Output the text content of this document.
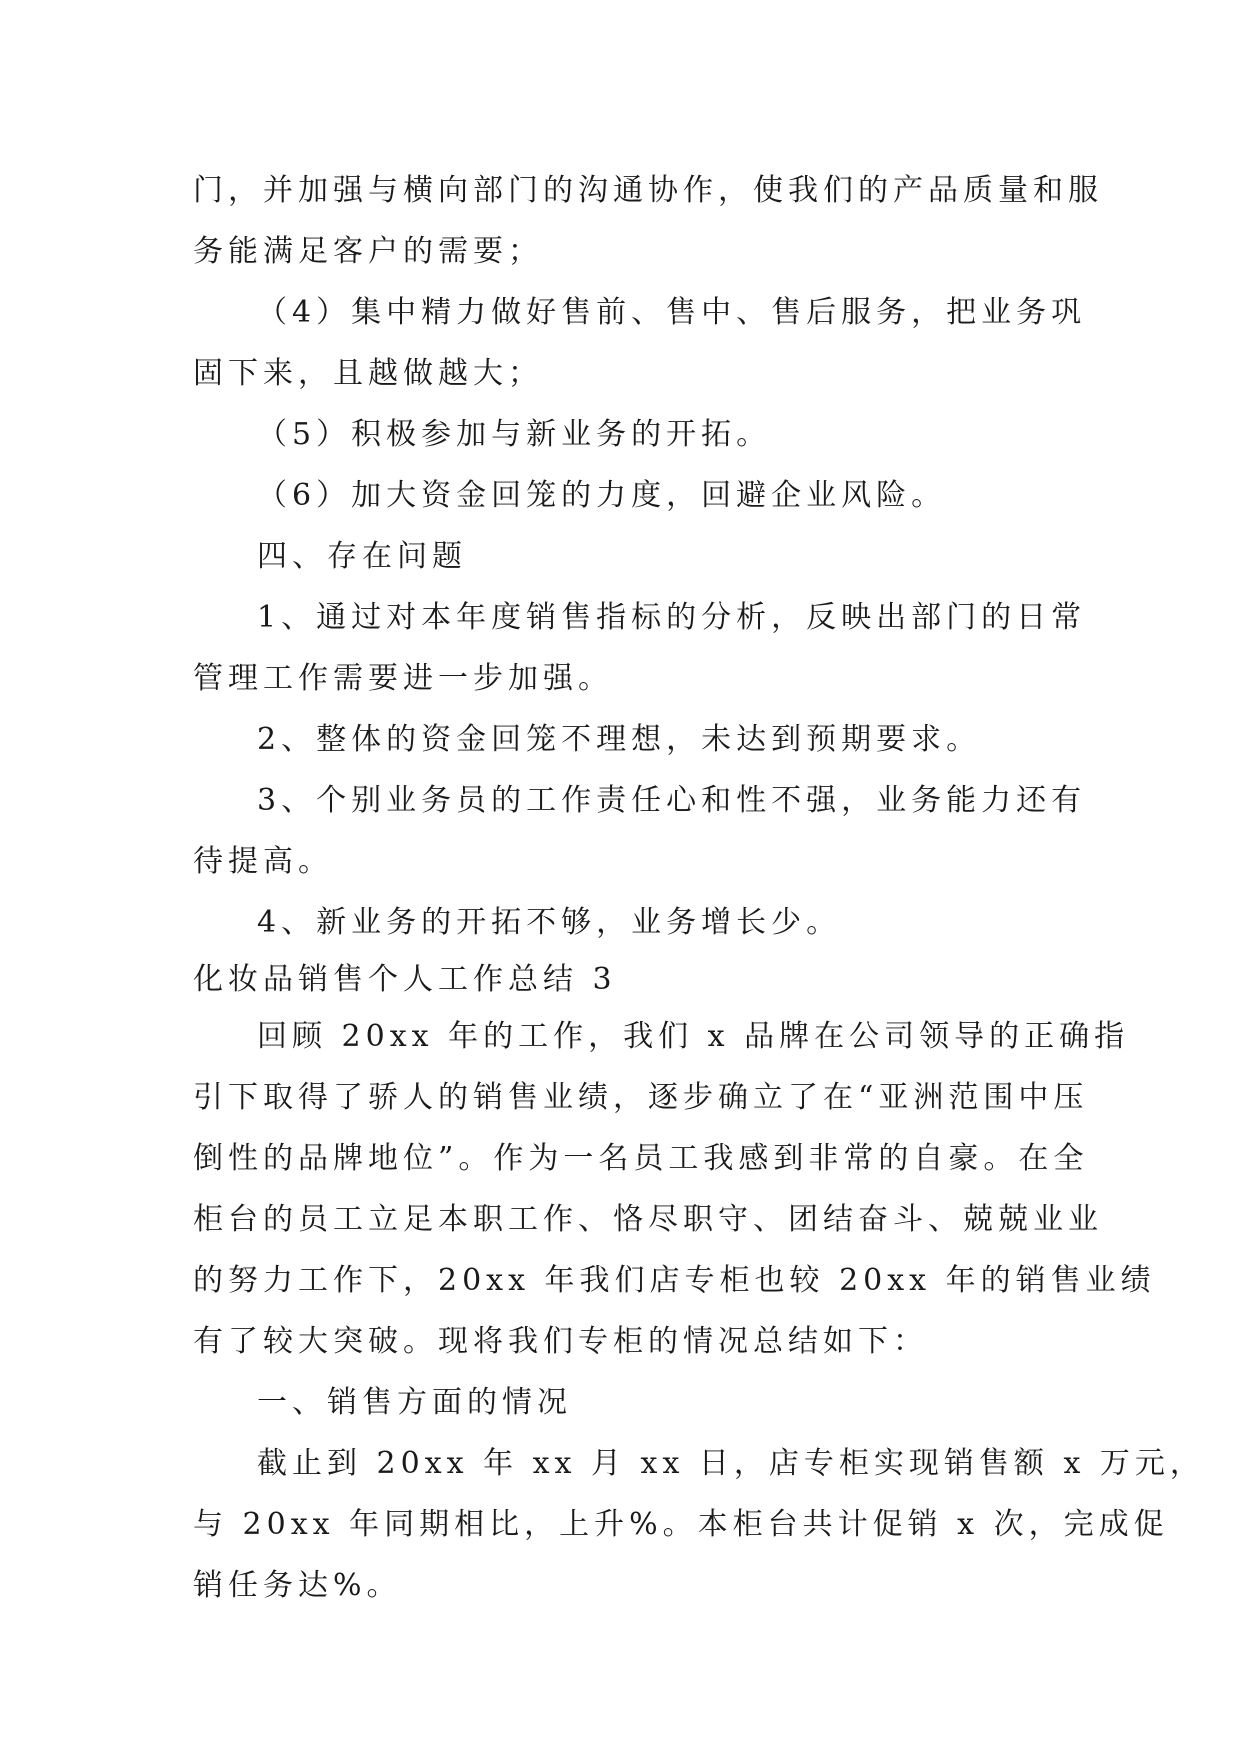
门，并加强与横向部门的沟通协作，使我们的产品质量和服
务能满足客户的需要；
（4）集中精力做好售前、售中、售后服务，把业务巩
固下来，且越做越大；
（5）积极参加与新业务的开拓。
（6）加大资金回笼的力度，回避企业风险。
四、存在问题
1、通过对本年度销售指标的分析，反映出部门的日常
管理工作需要进一步加强。
2、整体的资金回笼不理想，未达到预期要求。
3、个别业务员的工作责任心和性不强，业务能力还有
待提高。
4、新业务的开拓不够，业务增长少。
化妆品销售个人工作总结 3
回顾 20xx 年的工作，我们 x 品牌在公司领导的正确指
引下取得了骄人的销售业绩，逐步确立了在“亚洲范围中压
倒性的品牌地位”。作为一名员工我感到非常的自豪。在全
柜台的员工立足本职工作、恪尽职守、团结奋斗、兢兢业业
的努力工作下，20xx 年我们店专柜也较 20xx 年的销售业绩
有了较大突破。现将我们专柜的情况总结如下：
一、销售方面的情况
截止到 20xx 年 xx 月 xx 日，店专柜实现销售额 x 万元，
与 20xx 年同期相比，上升%。本柜台共计促销 x 次，完成促
销任务达%。
